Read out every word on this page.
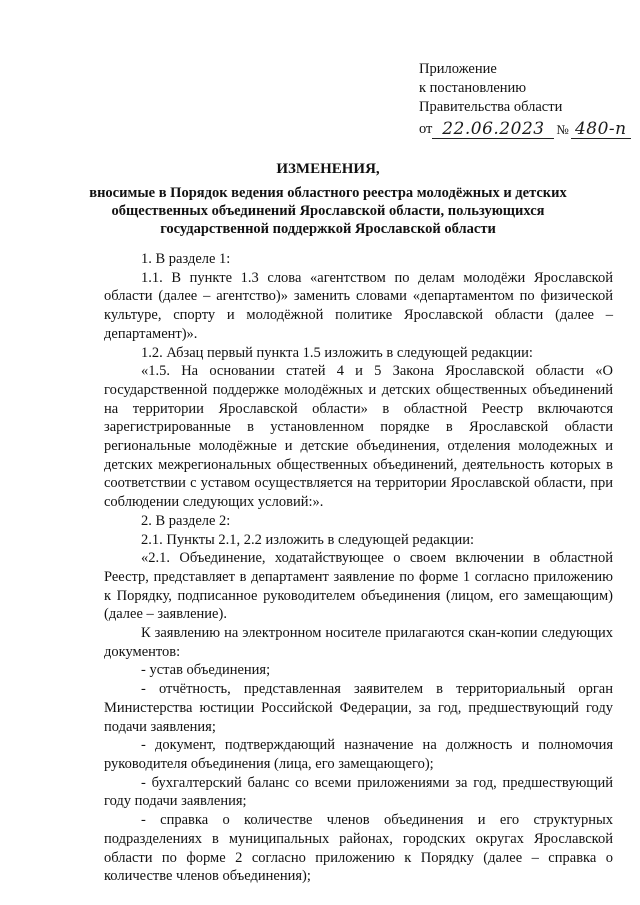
Приложение
к постановлению
Правительства области
от 22.06.2023 № 480-п
ИЗМЕНЕНИЯ,
вносимые в Порядок ведения областного реестра молодёжных и детских
общественных объединений Ярославской области, пользующихся
государственной поддержкой Ярославской области

1. В разделе 1:

1.1. В пункте 1.3 слова «агентством по делам молодёжи Ярославской области (далее – агентство)» заменить словами «департаментом по физической культуре, спорту и молодёжной политике Ярославской области (далее – департамент)».

1.2. Абзац первый пункта 1.5 изложить в следующей редакции:

«1.5. На основании статей 4 и 5 Закона Ярославской области «О государственной поддержке молодёжных и детских общественных объединений на территории Ярославской области» в областной Реестр включаются зарегистрированные в установленном порядке в Ярославской области региональные молодёжные и детские объединения, отделения молодежных и детских межрегиональных общественных объединений, деятельность которых в соответствии с уставом осуществляется на территории Ярославской области, при соблюдении следующих условий:».

2. В разделе 2:

2.1. Пункты 2.1, 2.2 изложить в следующей редакции:

«2.1. Объединение, ходатайствующее о своем включении в областной Реестр, представляет в департамент заявление по форме 1 согласно приложению к Порядку, подписанное руководителем объединения (лицом, его замещающим) (далее – заявление).

К заявлению на электронном носителе прилагаются скан-копии следующих документов:

- устав объединения;

- отчётность, представленная заявителем в территориальный орган Министерства юстиции Российской Федерации, за год, предшествующий году подачи заявления;

- документ, подтверждающий назначение на должность и полномочия руководителя объединения (лица, его замещающего);

- бухгалтерский баланс со всеми приложениями за год, предшествующий году подачи заявления;

- справка о количестве членов объединения и его структурных подразделениях в муниципальных районах, городских округах Ярославской области по форме 2 согласно приложению к Порядку (далее – справка о количестве членов объединения);
